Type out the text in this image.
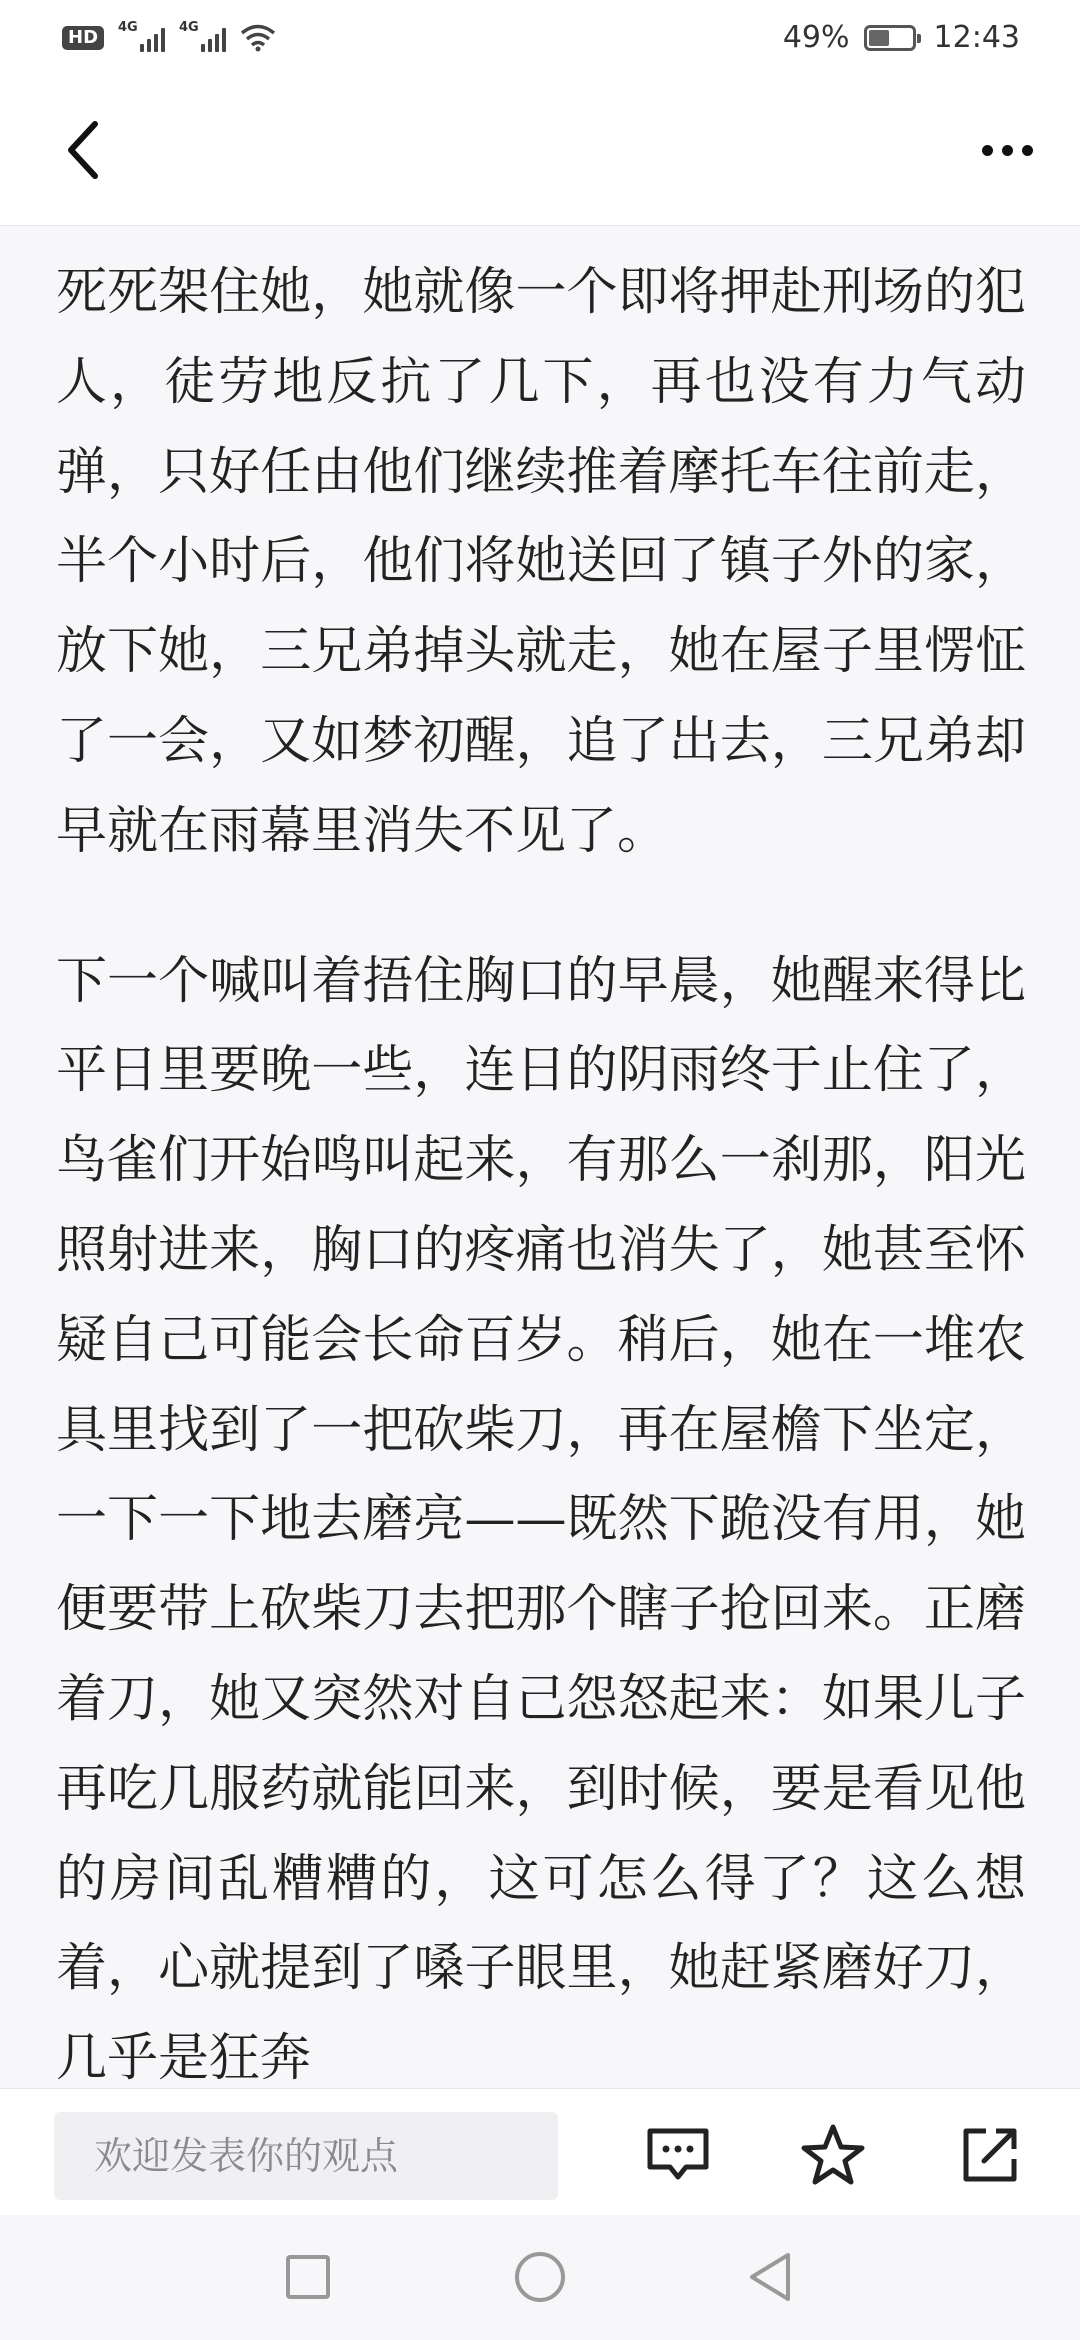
HD	4G	4G	49%	12:43

死死架住她，她就像一个即将押赴刑场的犯人，徒劳地反抗了几下，再也没有力气动弹，只好任由他们继续推着摩托车往前走，半个小时后，他们将她送回了镇子外的家，放下她，三兄弟掉头就走，她在屋子里愣怔了一会，又如梦初醒，追了出去，三兄弟却早就在雨幕里消失不见了。

下一个喊叫着捂住胸口的早晨，她醒来得比平日里要晚一些，连日的阴雨终于止住了，鸟雀们开始鸣叫起来，有那么一刹那，阳光照射进来，胸口的疼痛也消失了，她甚至怀疑自己可能会长命百岁。稍后，她在一堆农具里找到了一把砍柴刀，再在屋檐下坐定，一下一下地去磨亮——既然下跪没有用，她便要带上砍柴刀去把那个瞎子抢回来。正磨着刀，她又突然对自己怨怒起来：如果儿子再吃几服药就能回来，到时候，要是看见他的房间乱糟糟的，这可怎么得了？这么想着，心就提到了嗓子眼里，她赶紧磨好刀，几乎是狂奔

欢迎发表你的观点
